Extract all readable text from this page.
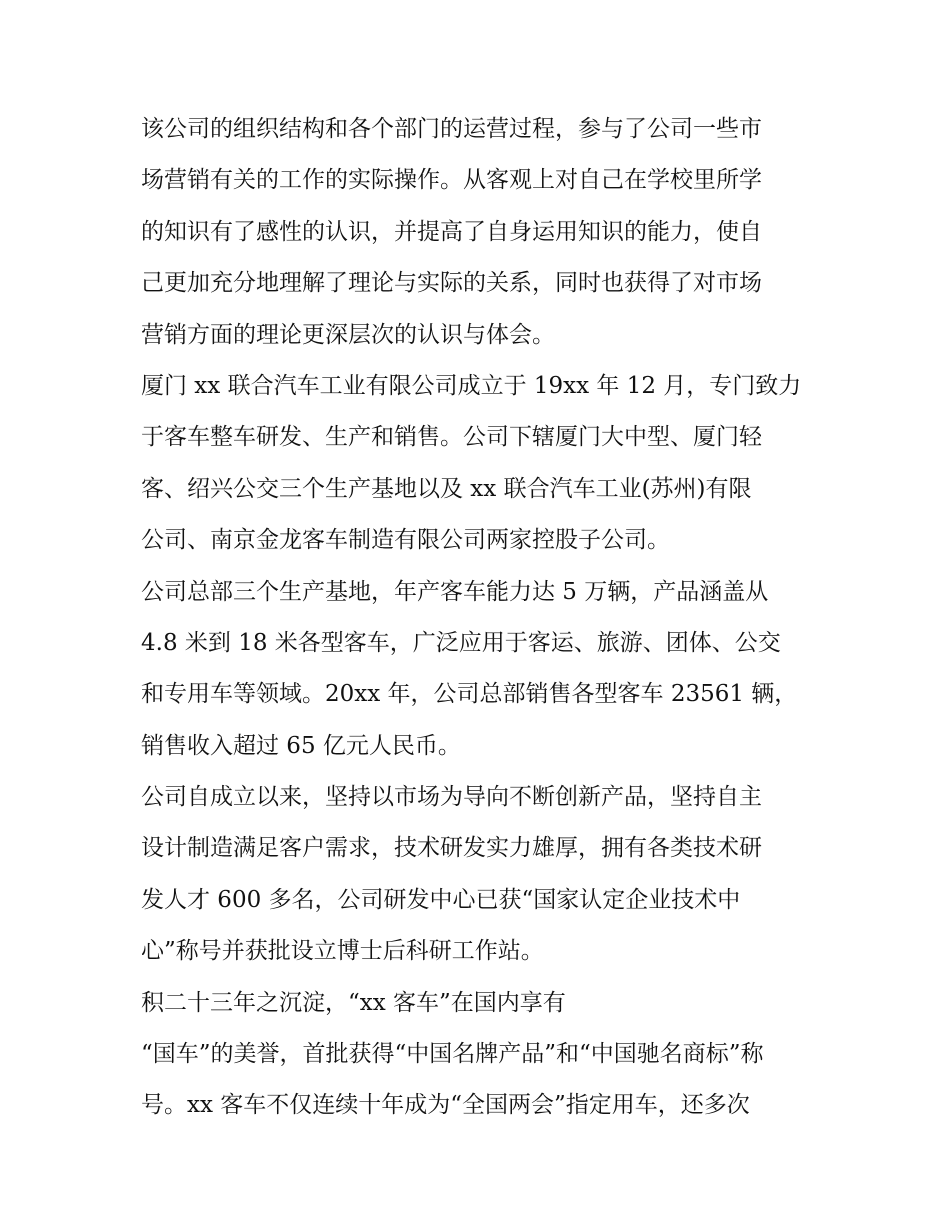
该公司的组织结构和各个部门的运营过程，参与了公司一些市
场营销有关的工作的实际操作。从客观上对自己在学校里所学
的知识有了感性的认识，并提高了自身运用知识的能力，使自
己更加充分地理解了理论与实际的关系，同时也获得了对市场
营销方面的理论更深层次的认识与体会。
厦门 xx 联合汽车工业有限公司成立于 19xx 年 12 月，专门致力
于客车整车研发、生产和销售。公司下辖厦门大中型、厦门轻
客、绍兴公交三个生产基地以及 xx 联合汽车工业(苏州)有限
公司、南京金龙客车制造有限公司两家控股子公司。
公司总部三个生产基地，年产客车能力达 5 万辆，产品涵盖从
4.8 米到 18 米各型客车，广泛应用于客运、旅游、团体、公交
和专用车等领域。20xx 年，公司总部销售各型客车 23561 辆，
销售收入超过 65 亿元人民币。
公司自成立以来，坚持以市场为导向不断创新产品，坚持自主
设计制造满足客户需求，技术研发实力雄厚，拥有各类技术研
发人才 600 多名，公司研发中心已获“国家认定企业技术中
心”称号并获批设立博士后科研工作站。
积二十三年之沉淀，“xx 客车”在国内享有
“国车”的美誉，首批获得“中国名牌产品”和“中国驰名商标”称
号。xx 客车不仅连续十年成为“全国两会”指定用车，还多次
